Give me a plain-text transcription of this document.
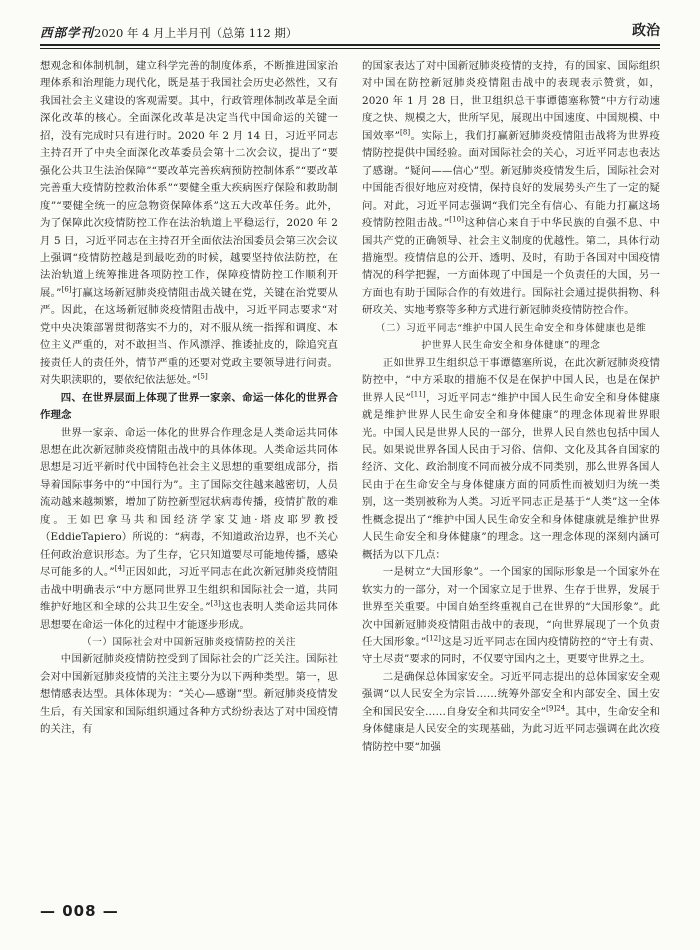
西部学刊2020 年 4 月上半月刊（总第 112 期）	政治

想观念和体制机制，建立科学完善的制度体系，不断推进国家治理体系和治理能力现代化，既是基于我国社会历史必然性，又有我国社会主义建设的客观需要。其中，行政管理体制改革是全面深化改革的核心。全面深化改革是决定当代中国命运的关键一招，没有完成时只有进行时。2020 年 2 月 14 日，习近平同志主持召开了中央全面深化改革委员会第十二次会议，提出了“要强化公共卫生法治保障”“要改革完善疾病预防控制体系”“要改革完善重大疫情防控救治体系”“要健全重大疾病医疗保险和救助制度”“要健全统一的应急物资保障体系”这五大改革任务。此外，为了保障此次疫情防控工作在法治轨道上平稳运行，2020 年 2 月 5 日，习近平同志在主持召开全面依法治国委员会第三次会议上强调“疫情防控越是到最吃劲的时候，越要坚持依法防控，在法治轨道上统筹推进各项防控工作，保障疫情防控工作顺利开展。”[6]打赢这场新冠肺炎疫情阻击战关键在党，关键在治党要从严。因此，在这场新冠肺炎疫情阻击战中，习近平同志要求“对党中央决策部署贯彻落实不力的，对不服从统一指挥和调度、本位主义严重的，对不敢担当、作风漂浮、推诿扯皮的，除追究直接责任人的责任外，情节严重的还要对党政主要领导进行问责。对失职渎职的，要依纪依法惩处。”[5]

四、在世界层面上体现了世界一家亲、命运一体化的世界合作理念

世界一家亲、命运一体化的世界合作理念是人类命运共同体思想在此次新冠肺炎疫情阻击战中的具体体现。人类命运共同体思想是习近平新时代中国特色社会主义思想的重要组成部分，指导着国际事务中的“中国行为”。主了国际交往越来越密切，人员流动越来越频繁，增加了防控新型冠状病毒传播，疫情扩散的难度。王如巴拿马共和国经济学家艾迪·塔皮耶罗教授（EddieTapiero）所说的：“病毒，不知道政治边界，也不关心任何政治意识形态。为了生存，它只知道要尽可能地传播，感染尽可能多的人。”[4]正因如此，习近平同志在此次新冠肺炎疫情阻击战中明确表示“中方愿同世界卫生组织和国际社会一道，共同维护好地区和全球的公共卫生安全。”[3]这也表明人类命运共同体思想要在命运一体化的过程中才能逐步形成。

（一）国际社会对中国新冠肺炎疫情防控的关注

中国新冠肺炎疫情防控受到了国际社会的广泛关注。国际社会对中国新冠肺炎疫情的关注主要分为以下两种类型。第一，思想情感表达型。具体体现为：“关心—感谢”型。新冠肺炎疫情发生后，有关国家和国际组织通过各种方式纷纷表达了对中国疫情的关注，有

的国家表达了对中国新冠肺炎疫情的支持，有的国家、国际组织对中国在防控新冠肺炎疫情阻击战中的表现表示赞赏，如，2020 年 1 月 28 日，世卫组织总干事谭德塞称赞“中方行动速度之快、规模之大，世所罕见，展现出中国速度、中国规模、中国效率”[8]。实际上，我们打赢新冠肺炎疫情阻击战将为世界疫情防控提供中国经验。面对国际社会的关心，习近平同志也表达了感谢。“疑问——信心”型。新冠肺炎疫情发生后，国际社会对中国能否很好地应对疫情，保持良好的发展势头产生了一定的疑问。对此，习近平同志强调“我们完全有信心、有能力打赢这场疫情防控阻击战。”[10]这种信心来自于中华民族的自强不息、中国共产党的正确领导、社会主义制度的优越性。第二，具体行动措施型。疫情信息的公开、透明、及时，有助于各国对中国疫情情况的科学把握，一方面体现了中国是一个负责任的大国，另一方面也有助于国际合作的有效进行。国际社会通过提供捐物、科研攻关、实地考察等多种方式进行新冠肺炎疫情防控合作。

（二）习近平同志“维护中国人民生命安全和身体健康也是维护世界人民生命安全和身体健康”的理念

正如世界卫生组织总干事谭德塞所说，在此次新冠肺炎疫情防控中，“中方采取的措施不仅是在保护中国人民，也是在保护世界人民”[11]，习近平同志“维护中国人民生命安全和身体健康就是维护世界人民生命安全和身体健康”的理念体现着世界眼光。中国人民是世界人民的一部分，世界人民自然也包括中国人民。如果说世界各国人民由于习俗、信仰、文化及其各自国家的经济、文化、政治制度不同而被分成不同类别，那么世界各国人民由于在生命安全与身体健康方面的同质性而被划归为统一类别，这一类别被称为人类。习近平同志正是基于“人类”这一全体性概念提出了“维护中国人民生命安全和身体健康就是维护世界人民生命安全和身体健康”的理念。这一理念体现的深刻内涵可概括为以下几点：

一是树立“大国形象”。一个国家的国际形象是一个国家外在软实力的一部分，对一个国家立足于世界、生存于世界，发展于世界至关重要。中国自始至终重视自己在世界的“大国形象”。此次中国新冠肺炎疫情阻击战中的表现，“向世界展现了一个负责任大国形象。”[12]这是习近平同志在国内疫情防控的“守土有责、守土尽责”要求的同时，不仅要守国内之土，更要守世界之土。

二是确保总体国家安全。习近平同志提出的总体国家安全观强调“以人民安全为宗旨……统筹外部安全和内部安全、国土安全和国民安全……自身安全和共同安全”$^{[9]24}$。其中，生命安全和身体健康是人民安全的实现基础，为此习近平同志强调在此次疫情防控中要“加强

— 008 —
